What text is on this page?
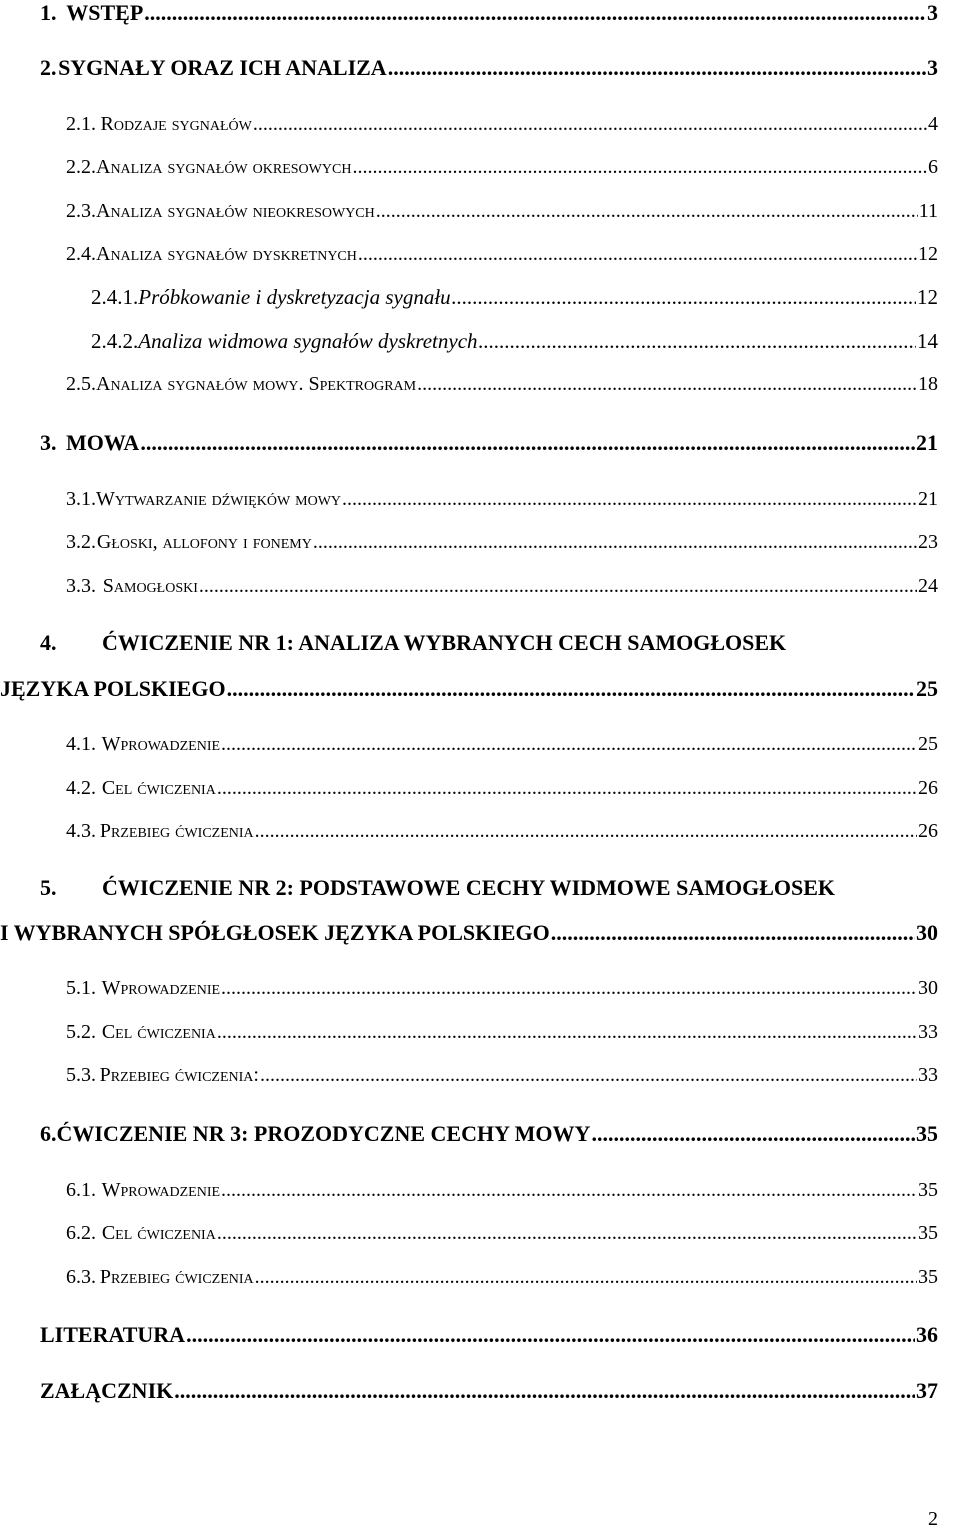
1. WSTĘP .....	3
2. SYGNAŁY ORAZ ICH ANALIZA .....	3
2.1. Rodzaje sygnałów .....	4
2.2. Analiza sygnałów okresowych .....	6
2.3. Analiza sygnałów nieokresowych .....	11
2.4. Analiza sygnałów dyskretnych .....	12
2.4.1. Próbkowanie i dyskretyzacja sygnału .....	12
2.4.2. Analiza widmowa sygnałów dyskretnych .....	14
2.5. Analiza sygnałów mowy. Spektrogram .....	18
3. MOWA .....	21
3.1. Wytwarzanie dźwięków mowy .....	21
3.2. Głoski, allofony i fonemy .....	23
3.3. Samogłoski .....	24
4. ĆWICZENIE NR 1: ANALIZA WYBRANYCH CECH SAMOGŁOSEK
JĘZYKA POLSKIEGO .....	25
4.1. Wprowadzenie .....	25
4.2. Cel ćwiczenia .....	26
4.3. Przebieg ćwiczenia .....	26
5. ĆWICZENIE NR 2: PODSTAWOWE CECHY WIDMOWE SAMOGŁOSEK
I WYBRANYCH SPÓŁGŁOSEK JĘZYKA POLSKIEGO .....	30
5.1. Wprowadzenie .....	30
5.2. Cel ćwiczenia .....	33
5.3. Przebieg ćwiczenia: .....	33
6. ĆWICZENIE NR 3: PROZODYCZNE CECHY MOWY .....	35
6.1. Wprowadzenie .....	35
6.2. Cel ćwiczenia .....	35
6.3. Przebieg ćwiczenia .....	35
LITERATURA .....	36
ZAŁĄCZNIK .....	37
2
